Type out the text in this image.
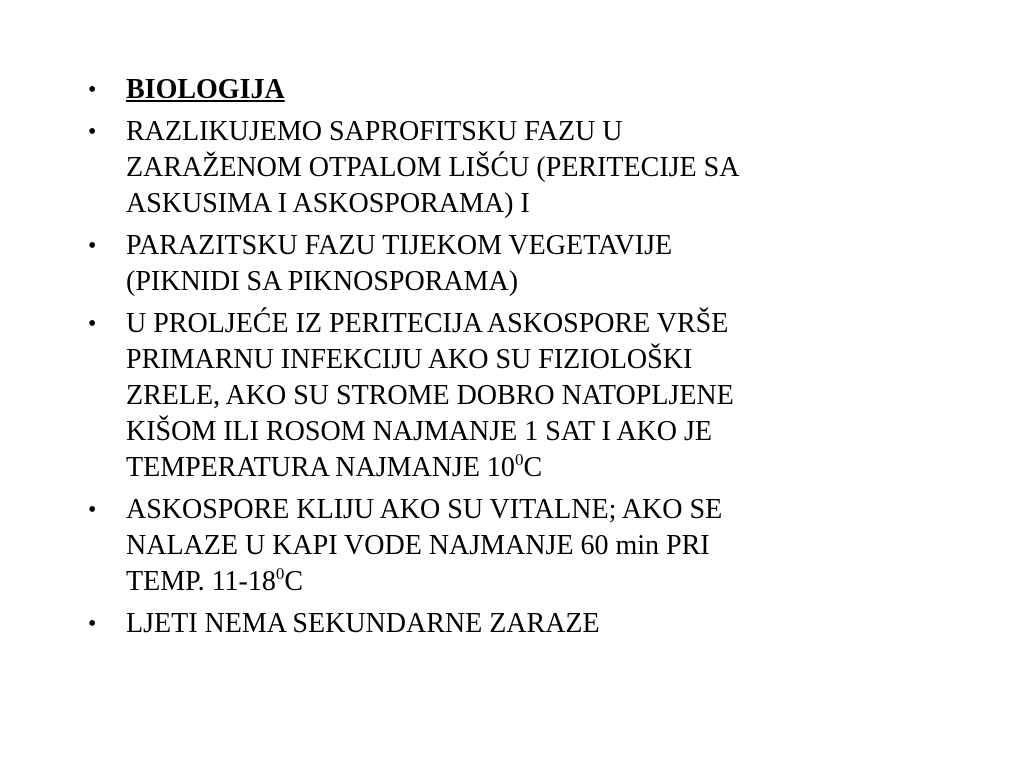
•	BIOLOGIJA
•	RAZLIKUJEMO SAPROFITSKU FAZU U
ZARAŽENOM OTPALOM LIŠĆU (PERITECIJE SA
ASKUSIMA I ASKOSPORAMA) I
•	PARAZITSKU FAZU TIJEKOM VEGETAVIJE
(PIKNIDI SA PIKNOSPORAMA)
•	U PROLJEĆE IZ PERITECIJA ASKOSPORE VRŠE
PRIMARNU INFEKCIJU AKO SU FIZIOLOŠKI
ZRELE, AKO SU STROME DOBRO NATOPLJENE
KIŠOM ILI ROSOM NAJMANJE 1 SAT I AKO JE
TEMPERATURA NAJMANJE $10^0C$
•	ASKOSPORE KLIJU AKO SU VITALNE; AKO SE
NALAZE U KAPI VODE NAJMANJE 60 min PRI
TEMP. $11-18^0C$
•	LJETI NEMA SEKUNDARNE ZARAZE
